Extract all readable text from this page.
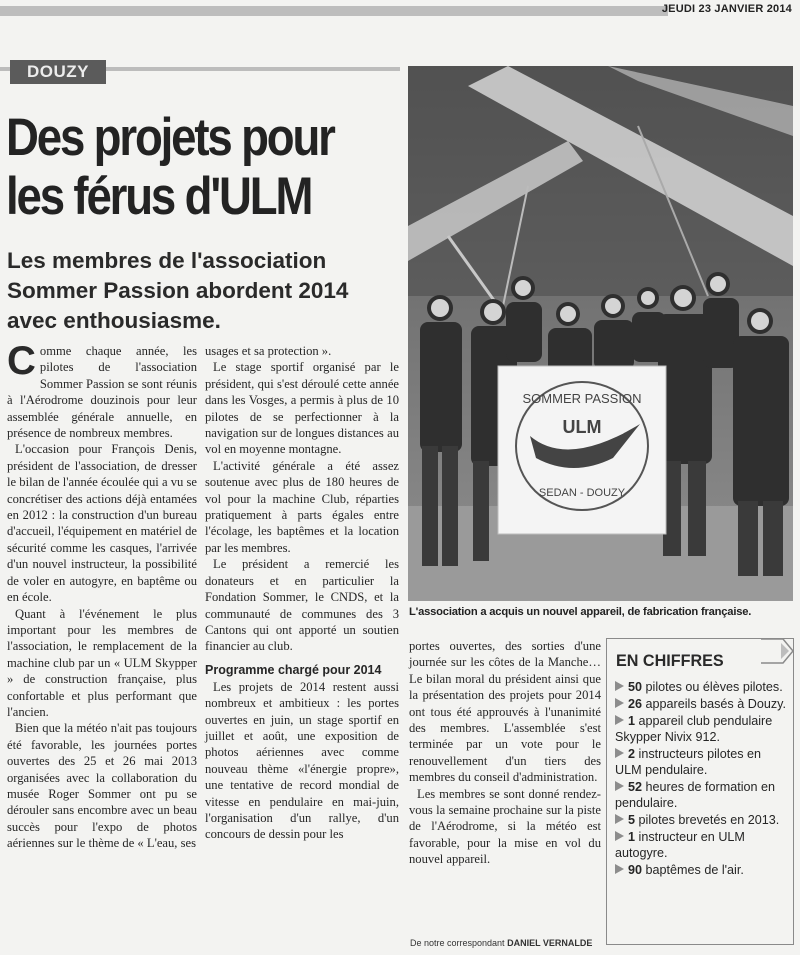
JEUDI 23 JANVIER 2014
DOUZY
Des projets pour
les férus d'ULM
Les membres de l'association
Sommer Passion abordent 2014
avec enthousiasme.

Comme chaque année, les pilotes de l'association Sommer Passion se sont réunis à l'Aérodrome douzinois pour leur assemblée générale annuelle, en présence de nombreux membres.

L'occasion pour François Denis, président de l'association, de dresser le bilan de l'année écoulée qui a vu se concrétiser des actions déjà entamées en 2012 : la construction d'un bureau d'accueil, l'équipement en matériel de sécurité comme les casques, l'arrivée d'un nouvel instructeur, la possibilité de voler en autogyre, en baptême ou en école.

Quant à l'événement le plus important pour les membres de l'association, le remplacement de la machine club par un « ULM Skypper » de construction française, plus confortable et plus performant que l'ancien.

Bien que la météo n'ait pas toujours été favorable, les journées portes ouvertes des 25 et 26 mai 2013 organisées avec la collaboration du musée Roger Sommer ont pu se dérouler sans encombre avec un beau succès pour l'expo de photos aériennes sur le thème de « L'eau, ses

usages et sa protection ».

Le stage sportif organisé par le président, qui s'est déroulé cette année dans les Vosges, a permis à plus de 10 pilotes de se perfectionner à la navigation sur de longues distances au vol en moyenne montagne.

L'activité générale a été assez soutenue avec plus de 180 heures de vol pour la machine Club, réparties pratiquement à parts égales entre l'écolage, les baptêmes et la location par les membres.

Le président a remercié les donateurs et en particulier la Fondation Sommer, le CNDS, et la communauté de communes des 3 Cantons qui ont apporté un soutien financier au club.

Programme chargé pour 2014

Les projets de 2014 restent aussi nombreux et ambitieux : les portes ouvertes en juin, un stage sportif en juillet et août, une exposition de photos aériennes avec comme nouveau thème «l'énergie propre», une tentative de record mondial de vitesse en pendulaire en mai-juin, l'organisation d'un rallye, d'un concours de dessin pour les

SOMMER PASSION
ULM
SEDAN - DOUZY
L'association a acquis un nouvel appareil, de fabrication française.

portes ouvertes, des sorties d'une journée sur les côtes de la Manche… Le bilan moral du président ainsi que la présentation des projets pour 2014 ont tous été approuvés à l'unanimité des membres. L'assemblée s'est terminée par un vote pour le renouvellement d'un tiers des membres du conseil d'administration.

Les membres se sont donné rendez-vous la semaine prochaine sur la piste de l'Aérodrome, si la météo est favorable, pour la mise en vol du nouvel appareil.

De notre correspondant DANIEL VERNALDE
EN CHIFFRES
50 pilotes ou élèves pilotes.
26 appareils basés à Douzy.
1 appareil club pendulaire Skypper Nivix 912.
2 instructeurs pilotes en ULM pendulaire.
52 heures de formation en pendulaire.
5 pilotes brevetés en 2013.
1 instructeur en ULM autogyre.
90 baptêmes de l'air.
